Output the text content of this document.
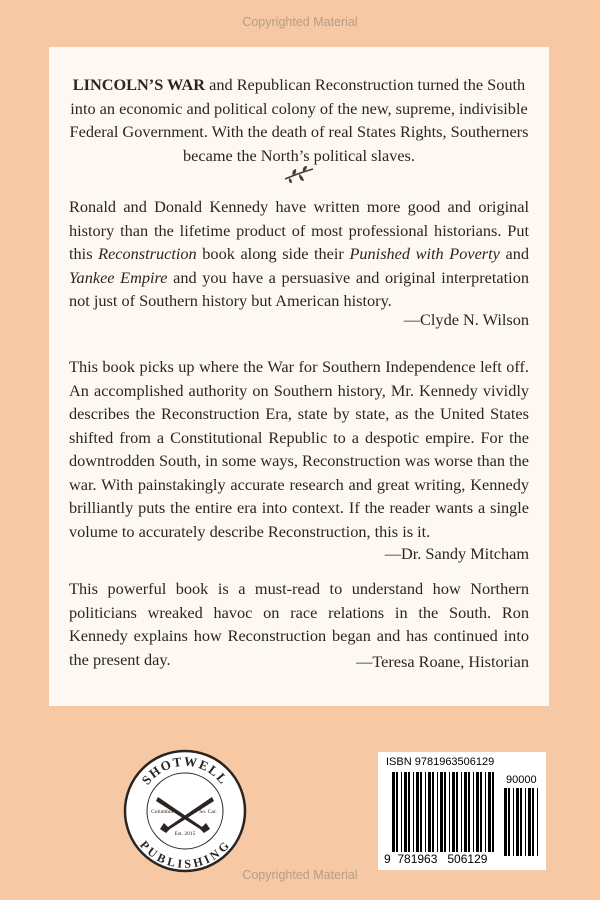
Copyrighted Material

LINCOLN’S WAR and Republican Reconstruction turned the South into an economic and political colony of the new, supreme, indivisible Federal Government. With the death of real States Rights, Southerners became the North’s political slaves.

Ronald and Donald Kennedy have written more good and original history than the lifetime product of most professional historians. Put this Reconstruction book along side their Punished with Poverty and Yankee Empire and you have a persuasive and original interpretation not just of Southern history but American history.

—Clyde N. Wilson

This book picks up where the War for Southern Independence left off. An accomplished authority on Southern history, Mr. Kennedy vividly describes the Reconstruction Era, state by state, as the United States shifted from a Constitutional Republic to a despotic empire. For the downtrodden South, in some ways, Reconstruction was worse than the war. With painstakingly accurate research and great writing, Kennedy brilliantly puts the entire era into context. If the reader wants a single volume to accurately describe Reconstruction, this is it.

—Dr. Sandy Mitcham

This powerful book is a must-read to understand how Northern politicians wreaked havoc on race relations in the South. Ron Kennedy explains how Reconstruction began and has continued into the present day.	—Teresa Roane, Historian
SHOTWELL
PUBLISHING
Columbia	So. Car.
Est. 2015
ISBN 9781963506129
90000
9  781963   506129
Copyrighted Material
